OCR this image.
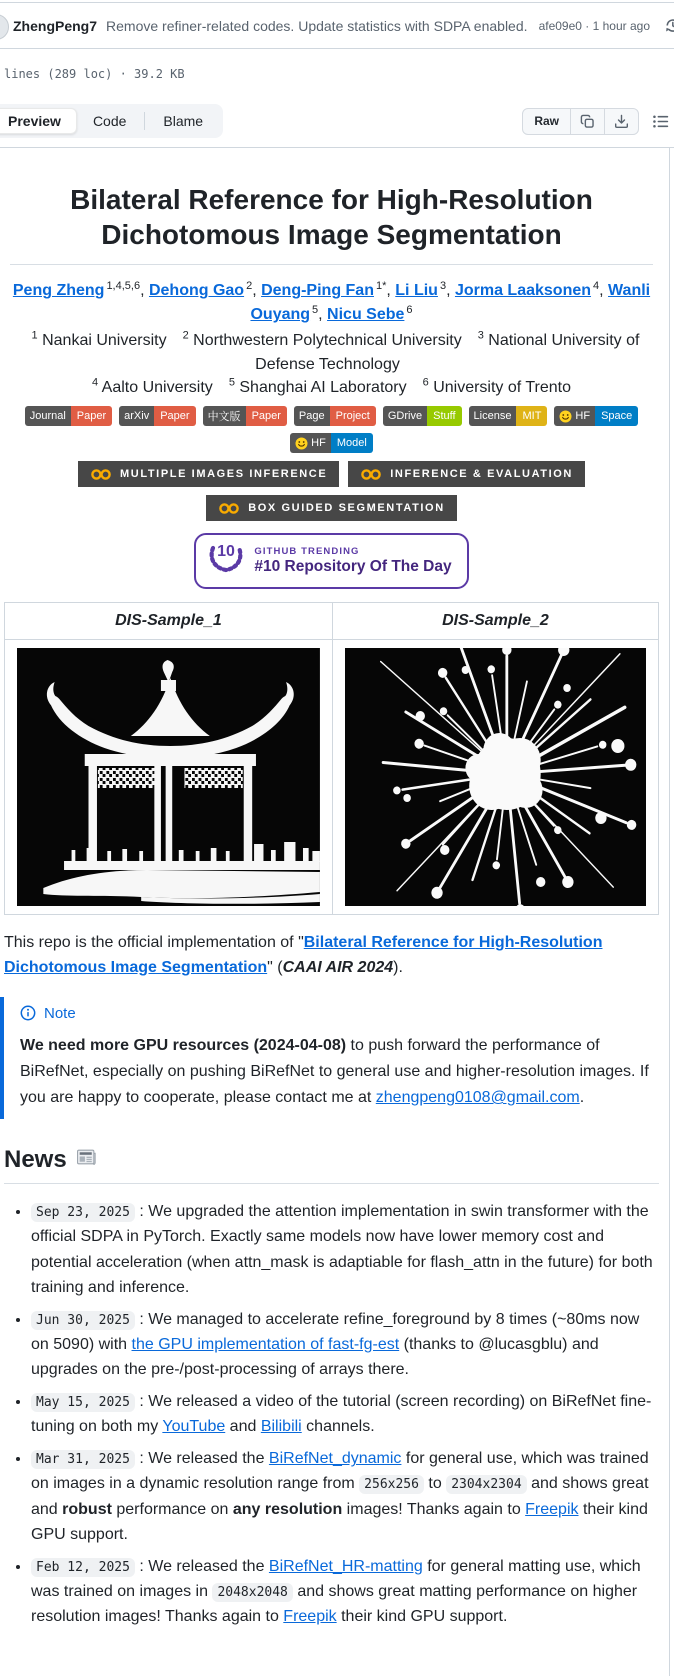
ZhengPeng7 Remove refiner-related codes. Update statistics with SDPA enabled. afe09e0 · 1 hour ago
lines (289 loc) · 39.2 KB
Preview	Code	Blame	Raw
Bilateral Reference for High-Resolution Dichotomous Image Segmentation

Peng Zheng $^{1,4,5,6}$, Dehong Gao $^2$, Deng-Ping Fan $^{1*}$, Li Liu $^3$, Jorma Laaksonen $^4$, Wanli Ouyang $^5$, Nicu Sebe $^6$

$^1$ Nankai University $^2$ Northwestern Polytechnical University $^3$ National University of Defense Technology
$^4$ Aalto University $^5$ Shanghai AI Laboratory $^6$ University of Trento
Journal	Paper	arXiv	Paper	中文版	Paper	Page	Project	GDrive	Stuff	License	MIT	HF	Space
HF	Model
MULTIPLE IMAGES INFERENCE	INFERENCE & EVALUATION
BOX GUIDED SEGMENTATION
10 GITHUB TRENDING
#10 Repository Of The Day
DIS-Sample_1	DIS-Sample_2

This repo is the official implementation of "Bilateral Reference for High-Resolution Dichotomous Image Segmentation" (CAAI AIR 2024).

Note

We need more GPU resources (2024-04-08) to push forward the performance of BiRefNet, especially on pushing BiRefNet to general use and higher-resolution images. If you are happy to cooperate, please contact me at zhengpeng0108@gmail.com.

News
• Sep 23, 2025 : We upgraded the attention implementation in swin transformer with the official SDPA in PyTorch. Exactly same models now have lower memory cost and potential acceleration (when attn_mask is adaptiable for flash_attn in the future) for both training and inference.
• Jun 30, 2025 : We managed to accelerate refine_foreground by 8 times (~80ms now on 5090) with the GPU implementation of fast-fg-est (thanks to @lucasgblu) and upgrades on the pre-/post-processing of arrays there.
• May 15, 2025 : We released a video of the tutorial (screen recording) on BiRefNet fine-tuning on both my YouTube and Bilibili channels.
• Mar 31, 2025 : We released the BiRefNet_dynamic for general use, which was trained on images in a dynamic resolution range from 256x256 to 2304x2304 and shows great and robust performance on any resolution images! Thanks again to Freepik their kind GPU support.
• Feb 12, 2025 : We released the BiRefNet_HR-matting for general matting use, which was trained on images in 2048x2048 and shows great matting performance on higher resolution images! Thanks again to Freepik their kind GPU support.
